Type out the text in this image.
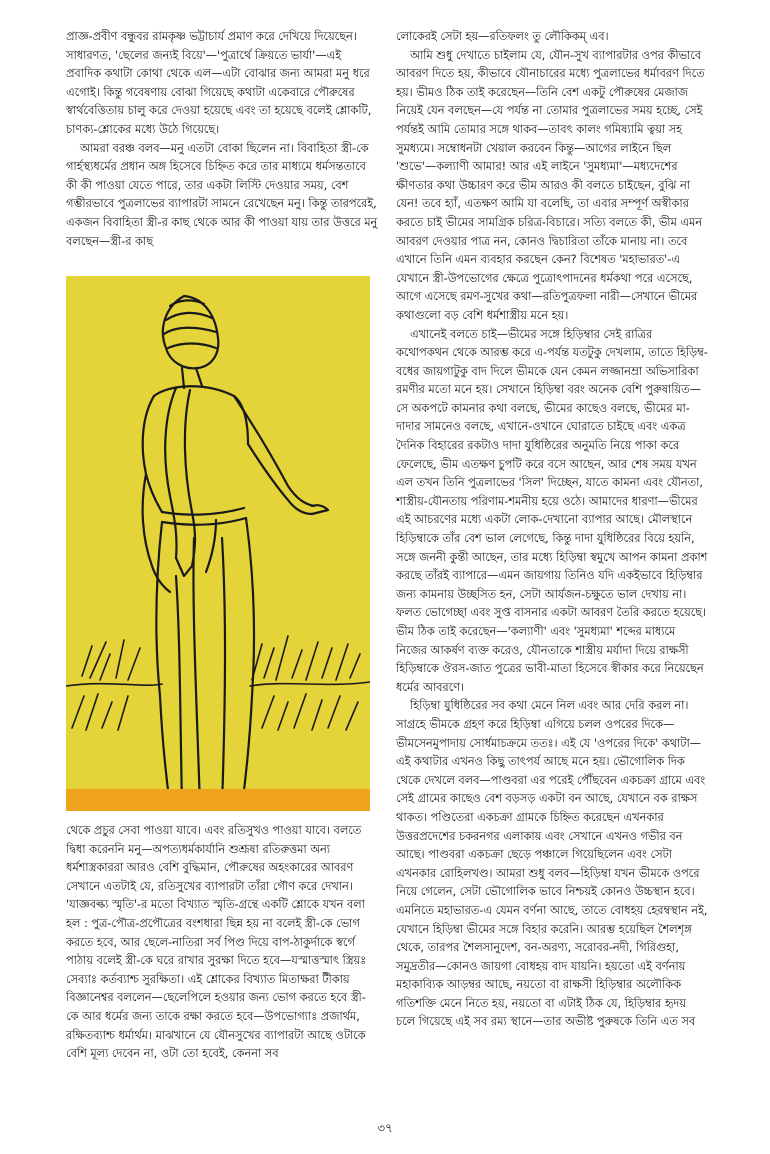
প্রাজ্ঞ-প্রবীণ বন্ধুবর রামকৃষ্ণ ভট্টাচার্য প্রমাণ করে দেখিয়ে দিয়েছেন। সাধারণত, 'ছেলের জন্যই বিয়ে'—'পুত্রার্থে ক্রিয়তে ভার্যা'—এই প্রবাদিক কথাটা কোথা থেকে এল—এটা বোঝার জন্য আমরা মনু ধরে এগোই। কিন্তু গবেষণায় বোঝা গিয়েছে কথাটা একেবারে পৌরুষের স্বার্থবেত্তিতায় চালু করে দেওয়া হয়েছে এবং তা হয়েছে বলেই শ্লোকটি, চাণক্য-শ্লোকের মধ্যে উঠে গিয়েছে।

আমরা বরঞ্চ বলব—মনু এতটা বোকা ছিলেন না। বিবাহিতা স্ত্রী-কে গার্হস্থ্যধর্মের প্রধান অঙ্গ হিসেবে চিহ্নিত করে তার মাধ্যমে ধর্মসন্ততাবে কী কী পাওয়া যেতে পারে, তার একটা লিস্টি দেওয়ার সময়, বেশ গম্ভীরভাবে পুত্রলাভের ব্যাপারটা সামনে রেখেছেন মনু। কিন্তু তারপরেই, একজন বিবাহিতা স্ত্রী-র কাছ থেকে আর কী পাওয়া যায় তার উত্তরে মনু বলছেন—স্ত্রী-র কাছ

থেকে প্রচুর সেবা পাওয়া যাবে। এবং রতিসুখও পাওয়া যাবে। বলতে দ্বিধা করেননি মনু—অপত্যধর্মকার্যানি শুশ্রূষা রতিরুত্তমা অন্য ধর্মশাস্ত্রকাররা আরও বেশি বুদ্ধিমান, পৌরুষের অহংকারের আবরণ সেখানে এতটাই যে, রতিসুখের ব্যাপারটা তাঁরা গৌণ করে দেখান। 'যাজ্ঞবল্ক্য স্মৃতি'-র মতো বিখ্যাত স্মৃতি-গ্রন্থে একটি শ্লোকে যখন বলা হল : পুত্র-পৌত্র-প্রপৌত্রের বংশধারা ছিন্ন হয় না বলেই স্ত্রী-কে ভোগ করতে হবে, আর ছেলে-নাতিরা সর্ব পিণ্ড দিয়ে বাপ-ঠাকুর্দাকে স্বর্গে পাঠায় বলেই স্ত্রী-কে ঘরে রাখার সুরক্ষা দিতে হবে—যস্মাত্তস্মাৎ স্ত্রিয়ঃ সেব্যাঃ কর্তব্যাশ্চ সুরক্ষিতা। এই শ্লোকের বিখ্যাত মিতাক্ষরা টীকায় বিজ্ঞানেশ্বর বললেন—ছেলেপিলে হওয়ার জন্য ভোগ করতে হবে স্ত্রী-কে আর ধর্মের জন্য তাকে রক্ষা করতে হবে—উপভোগ্যাঃ প্রজার্থম, রক্ষিতব্যাশ্চ ধর্মার্থম। মাঝখানে যে যৌনসুখের ব্যাপারটা আছে ওটাকে বেশি মূল্য দেবেন না, ওটা তো হবেই, কেননা সব

লোকেরই সেটা হয়—রতিফলং তু লৌকিকম্‌ এব।

আমি শুধু দেখাতে চাইলাম যে, যৌন-সুখ ব্যাপারটার ওপর কীভাবে আবরণ দিতে হয়, কীভাবে যৌনাচারের মধ্যে পুত্রলাভের ধর্মাবরণ দিতে হয়। ভীমও ঠিক তাই করেছেন—তিনি বেশ একটু পৌরুষের মেজাজ নিয়েই যেন বলছেন—যে পর্যন্ত না তোমার পুত্রলাভের সময় হচ্ছে, সেই পর্যন্তই আমি তোমার সঙ্গে থাকব—তাবৎ কালং গমিষ্যামি ত্বয়া সহ সুমধ্যমে। সম্বোধনটা খেয়াল করবেন কিন্তু—আগের লাইনে ছিল 'শুভে'—কল্যাণী আমার! আর এই লাইনে 'সুমধ্যমা'—মধ্যদেশের ক্ষীণতার কথা উচ্চারণ করে ভীম আরও কী বলতে চাইছেন, বুঝি না যেন! তবে হ্যাঁ, এতক্ষণ আমি যা বলেছি, তা এবার সম্পূর্ণ অস্বীকার করতে চাই ভীমের সামগ্রিক চরিত্র-বিচারে। সত্যি বলতে কী, ভীম এমন আবরণ দেওয়ার পাত্র নন, কোনও দ্বিচারিতা তাঁকে মানায় না। তবে এখানে তিনি এমন ব্যবহার করছেন কেন? বিশেষত 'মহাভারত'-এ যেখানে স্ত্রী-উপভোগের ক্ষেত্রে পুত্রোৎপাদনের ধর্মকথা পরে এসেছে, আগে এসেছে রমণ-সুখের কথা—রতিপুত্রফলা নারী—সেখানে ভীমের কথাগুলো বড় বেশি ধর্মশাস্ত্রীয় মনে হয়।

এখানেই বলতে চাই—ভীমের সঙ্গে হিড়িম্বার সেই রাত্রির কথোপকথন থেকে আরম্ভ করে এ-পর্যন্ত যতটুকু দেখলাম, তাতে হিড়িম্ব-বধের জায়গাটুকু বাদ দিলে ভীমকে যেন কেমন লজ্জানম্রা অভিসারিকা রমণীর মতো মনে হয়। সেখানে হিড়িম্বা বরং অনেক বেশি পুরুষায়িত—সে অকপটে কামনার কথা বলছে, ভীমের কাছেও বলছে, ভীমের মা-দাদার সামনেও বলছে, এখানে-ওখানে ঘোরাতে চাইছে এবং একত্র দৈনিক বিহারের রকটাও দাদা যুধিষ্ঠিরের অনুমতি নিয়ে পাকা করে ফেলেছে, ভীম এতক্ষণ চুপটি করে বসে আছেন, আর শেষ সময় যখন এল তখন তিনি পুত্রলাভের 'সিল' দিচ্ছেন, যাতে কামনা এবং যৌনতা, শাস্ত্রীয়-যৌনতায় পরিণাম-শমনীয় হয়ে ওঠে। আমাদের ধারণা—ভীমের এই আচরণের মধ্যে একটা লোক-দেখানো ব্যাপার আছে। মৌলস্থানে হিড়িম্বাকে তাঁর বেশ ভাল লেগেছে, কিন্তু দাদা যুধিষ্ঠিরের বিয়ে হয়নি, সঙ্গে জননী কুন্তী আছেন, তার মধ্যে হিড়িম্বা স্বমুখে আপন কামনা প্রকাশ করছে তাঁরই ব্যাপারে—এমন জায়গায় তিনিও যদি একইভাবে হিড়িম্বার জন্য কামনায় উচ্ছসিত হন, সেটা আর্যজন-চক্ষুতে ভাল দেখায় না। ফলত ভোগেচ্ছা এবং সুপ্ত বাসনার একটা আবরণ তৈরি করতে হয়েছে। ভীম ঠিক তাই করেছেন—'কল্যাণী' এবং 'সুমধ্যমা' শব্দের মাধ্যমে নিজের আকর্ষণ ব্যক্ত করেও, যৌনতাকে শাস্ত্রীয় মর্যাদা দিয়ে রাক্ষসী হিড়িম্বাকে ঔরস-জাত পুত্রের ভাবী-মাতা হিসেবে স্বীকার করে নিয়েছেন ধর্মের আবরণে।

হিড়িম্বা যুধিষ্ঠিরের সব কথা মেনে নিল এবং আর দেরি করল না। সাগ্রহে ভীমকে গ্রহণ করে হিড়িম্বা এগিয়ে চলল ওপরের দিকে—ভীমসেনমুপাদায় সোর্ধমাচক্রমে ততঃ। এই যে 'ওপরের দিকে' কথাটা—এই কথাটার এখনও কিছু তাৎপর্য আছে মনে হয়। ভৌগোলিক দিক থেকে দেখলে বলব—পাণ্ডবরা এর পরেই পৌঁছবেন একচক্রা গ্রামে এবং সেই গ্রামের কাছেও বেশ বড়সড় একটা বন আছে, যেখানে বক রাক্ষস থাকত। পণ্ডিতেরা একচক্রা গ্রামকে চিহ্নিত করেছেন এখনকার উত্তরপ্রদেশের চকরনগর এলাকায় এবং সেখানে এখনও গভীর বন আছে। পাণ্ডবরা একচক্রা ছেড়ে পঞ্চালে গিয়েছিলেন এবং সেটা এখনকার রোহিলখণ্ড। আমরা শুধু বলব—হিড়িম্বা যখন ভীমকে ওপরে নিয়ে গেলেন, সেটা ভৌগোলিক ভাবে নিশ্চয়ই কোনও উচ্চস্থান হবে। এমনিতে মহাভারত-এ যেমন বর্ণনা আছে, তাতে বোধহয় হেরম্বস্থান নই, যেখানে হিড়িম্বা ভীমের সঙ্গে বিহার করেনি। আরম্ভ হয়েছিল শৈলশৃঙ্গ থেকে, তারপর শৈলসানুদেশ, বন-অরণ্য, সরোবর-নদী, গিরিগুহা, সমুদ্রতীর—কোনও জায়গা বোধহয় বাদ যায়নি। হয়তো এই বর্ণনায় মহাকাব্যিক আড়ম্বর আছে, নয়তো বা রাক্ষসী হিড়িম্বার অলৌকিক গতিশক্তি মেনে নিতে হয়, নয়তো বা এটাই ঠিক যে, হিড়িম্বার হৃদয় চলে গিয়েছে এই সব রম্য স্থানে—তার অভীষ্ট পুরুষকে তিনি এত সব

৩৭
